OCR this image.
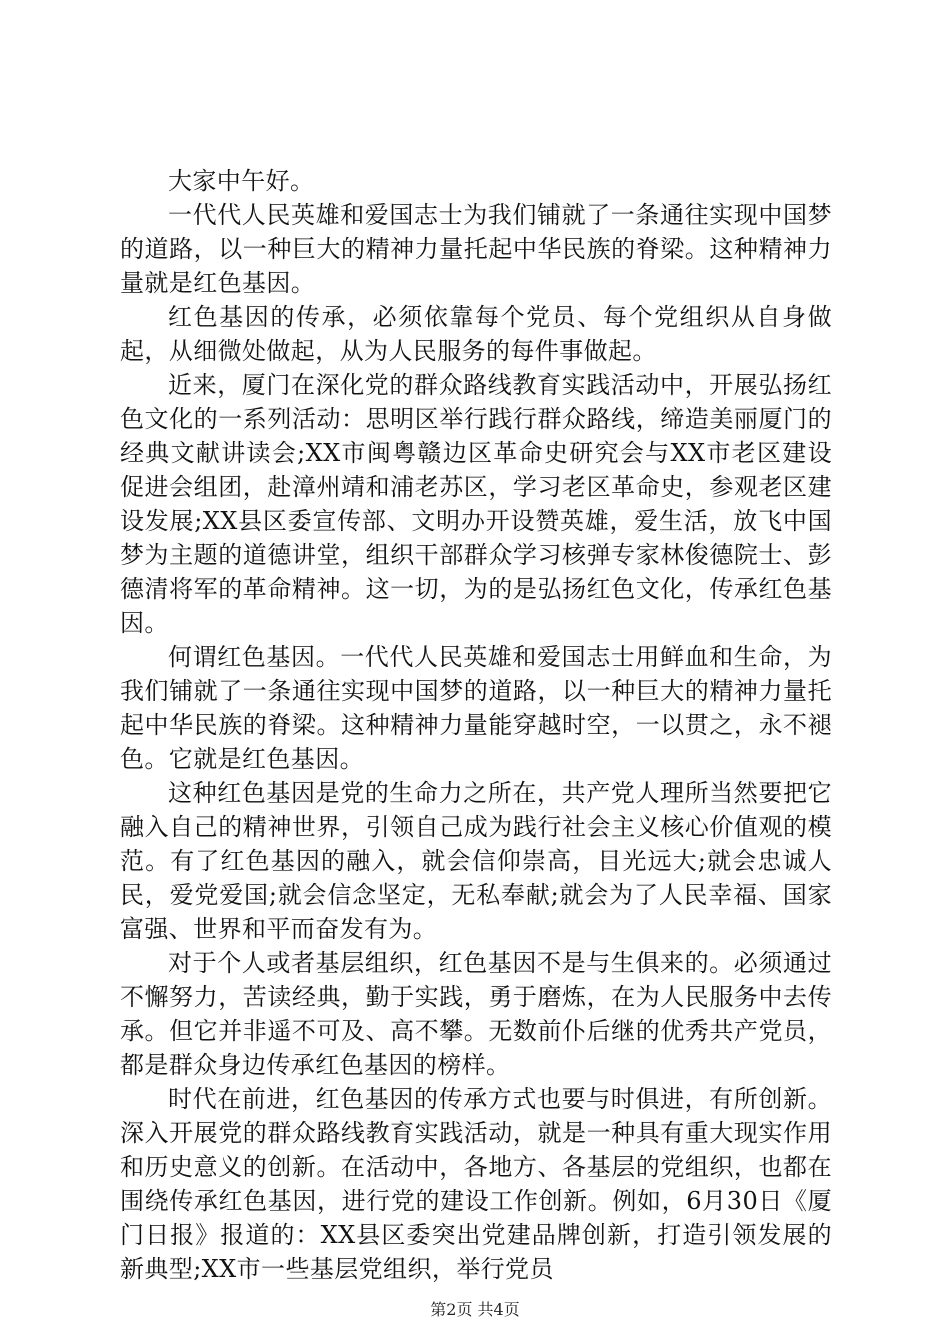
大家中午好。

一代代人民英雄和爱国志士为我们铺就了一条通往实现中国梦的道路，以一种巨大的精神力量托起中华民族的脊梁。这种精神力量就是红色基因。

红色基因的传承，必须依靠每个党员、每个党组织从自身做起，从细微处做起，从为人民服务的每件事做起。

近来，厦门在深化党的群众路线教育实践活动中，开展弘扬红色文化的一系列活动：思明区举行践行群众路线，缔造美丽厦门的经典文献讲读会;XX市闽粤赣边区革命史研究会与XX市老区建设促进会组团，赴漳州靖和浦老苏区，学习老区革命史，参观老区建设发展;XX县区委宣传部、文明办开设赞英雄，爱生活，放飞中国梦为主题的道德讲堂，组织干部群众学习核弹专家林俊德院士、彭德清将军的革命精神。这一切，为的是弘扬红色文化，传承红色基因。

何谓红色基因。一代代人民英雄和爱国志士用鲜血和生命，为我们铺就了一条通往实现中国梦的道路，以一种巨大的精神力量托起中华民族的脊梁。这种精神力量能穿越时空，一以贯之，永不褪色。它就是红色基因。

这种红色基因是党的生命力之所在，共产党人理所当然要把它融入自己的精神世界，引领自己成为践行社会主义核心价值观的模范。有了红色基因的融入，就会信仰崇高，目光远大;就会忠诚人民，爱党爱国;就会信念坚定，无私奉献;就会为了人民幸福、国家富强、世界和平而奋发有为。

对于个人或者基层组织，红色基因不是与生俱来的。必须通过不懈努力，苦读经典，勤于实践，勇于磨炼，在为人民服务中去传承。但它并非遥不可及、高不攀。无数前仆后继的优秀共产党员，都是群众身边传承红色基因的榜样。

时代在前进，红色基因的传承方式也要与时俱进，有所创新。深入开展党的群众路线教育实践活动，就是一种具有重大现实作用和历史意义的创新。在活动中，各地方、各基层的党组织，也都在围绕传承红色基因，进行党的建设工作创新。例如，6月30日《厦门日报》报道的：XX县区委突出党建品牌创新，打造引领发展的新典型;XX市一些基层党组织，举行党员

第2页 共4页
